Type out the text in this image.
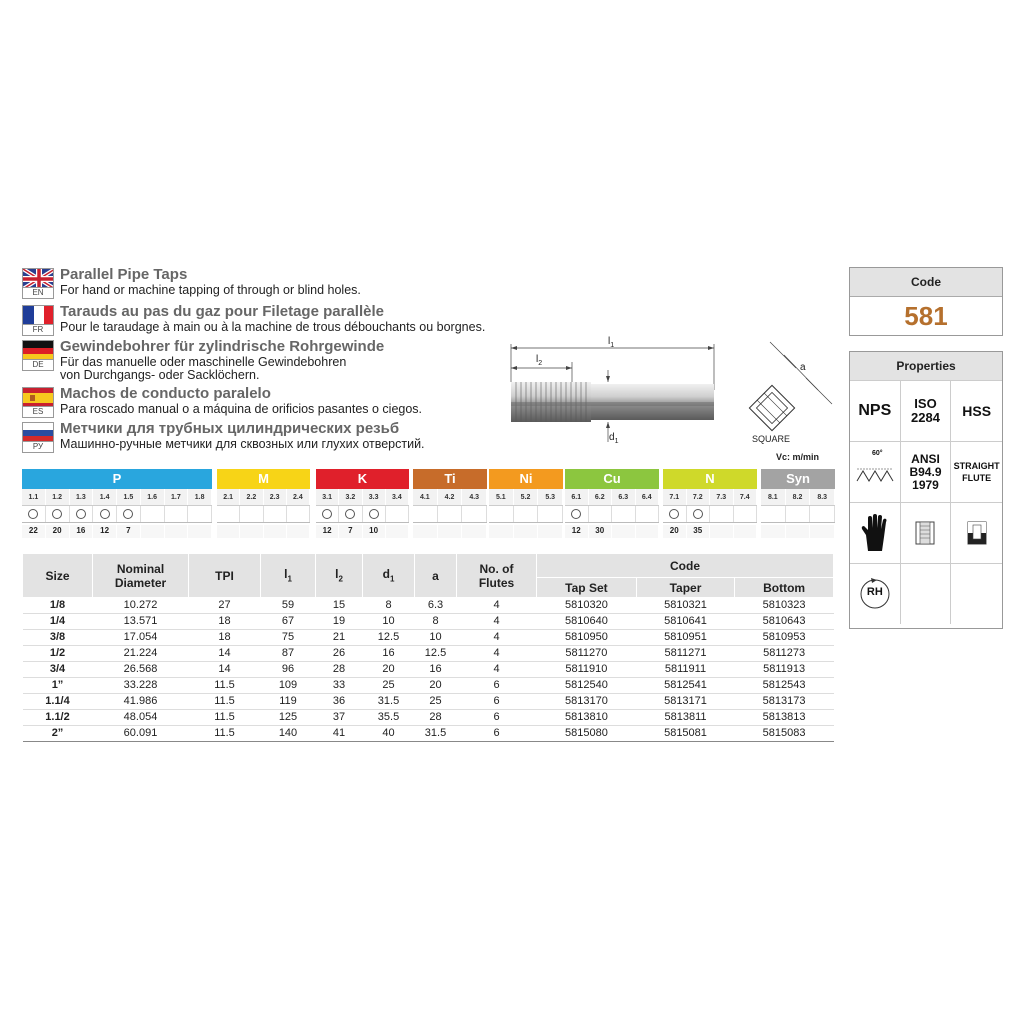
EN
Parallel Pipe Taps
For hand or machine tapping of through or blind holes.
FR
Tarauds au pas du gaz pour Filetage parallèle
Pour le taraudage à main ou à la machine de trous débouchants ou borgnes.
DE
Gewindebohrer für zylindrische Rohrgewinde
Für das manuelle oder maschinelle Gewindebohren
von Durchgangs- oder Sacklöchern.
ES
Machos de conducto paralelo
Para roscado manual o a máquina de orificios pasantes o ciegos.
РУ
Метчики для трубных цилиндрических резьб
Машинно-ручные метчики для сквозных или глухих отверстий.
$l_1$
$l_2$
$d_1$
a
SQUARE
Vc: m/min
P
1.1	1.2	1.3	1.4	1.5	1.6	1.7	1.8
22	20	16	12	7
M
2.1	2.2	2.3	2.4
K
3.1	3.2	3.3	3.4
12	7	10
Ti
4.1	4.2	4.3
Ni
5.1	5.2	5.3
Cu
6.1	6.2	6.3	6.4
12	30
N
7.1	7.2	7.3	7.4
20	35
Syn
8.1	8.2	8.3
Size	Nominal Diameter	TPI	$l_1$	$l_2$	$d_1$	a	No. of Flutes	Code		
								Tap Set	Taper	Bottom
1/8	10.272	27	59	15	8	6.3	4	5810320	5810321	5810323
1/4	13.571	18	67	19	10	8	4	5810640	5810641	5810643
3/8	17.054	18	75	21	12.5	10	4	5810950	5810951	5810953
1/2	21.224	14	87	26	16	12.5	4	5811270	5811271	5811273
3/4	26.568	14	96	28	20	16	4	5811910	5811911	5811913
1”	33.228	11.5	109	33	25	20	6	5812540	5812541	5812543
1.1/4	41.986	11.5	119	36	31.5	25	6	5813170	5813171	5813173
1.1/2	48.054	11.5	125	37	35.5	28	6	5813810	5813811	5813813
2”	60.091	11.5	140	41	40	31.5	6	5815080	5815081	5815083
Code
581
Properties
NPS	ISO 2284	HSS
60°	ANSI B94.9 1979
STRAIGHT FLUTE
RH
